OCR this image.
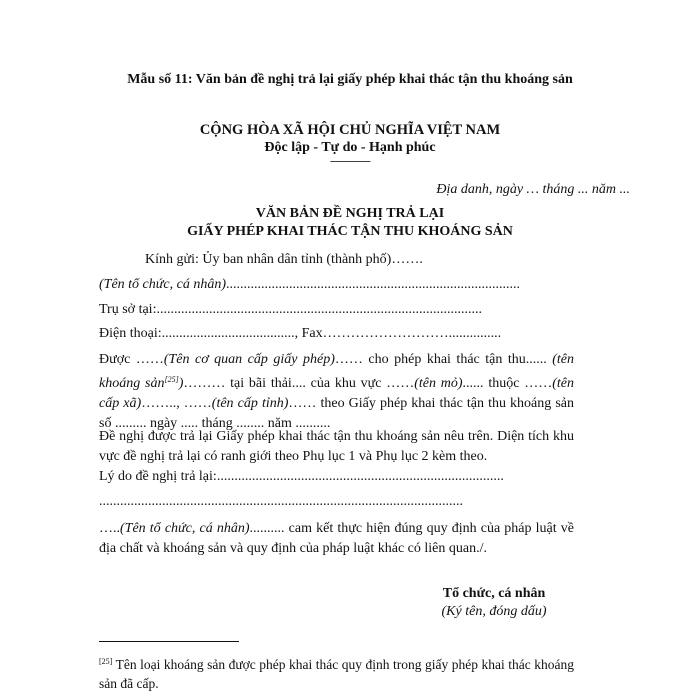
Mẫu số 11: Văn bản đề nghị trả lại giấy phép khai thác tận thu khoáng sản
CỘNG HÒA XÃ HỘI CHỦ NGHĨA VIỆT NAM
Độc lập - Tự do - Hạnh phúc
---------------
Địa danh, ngày … tháng ... năm ...
VĂN BẢN ĐỀ NGHỊ TRẢ LẠI
GIẤY PHÉP KHAI THÁC TẬN THU KHOÁNG SẢN
Kính gửi: Ủy ban nhân dân tỉnh (thành phố)…….
(Tên tổ chức, cá nhân)....................................................................................
Trụ sở tại:.............................................................................................
Điện thoại:......................................, Fax………………………...............
Được ……(Tên cơ quan cấp giấy phép)…… cho phép khai thác tận thu...... (tên khoáng sản[25])……… tại bãi thải.... của khu vực ……(tên mỏ)...... thuộc ……(tên cấp xã)…….., ……(tên cấp tỉnh)…… theo Giấy phép khai thác tận thu khoáng sản số ......... ngày ..... tháng ........ năm ..........
Đề nghị được trả lại Giấy phép khai thác tận thu khoáng sản nêu trên. Diện tích khu vực đề nghị trả lại có ranh giới theo Phụ lục 1 và Phụ lục 2 kèm theo.
Lý do đề nghị trả lại:..................................................................................
........................................................................................................
…..(Tên tổ chức, cá nhân).......... cam kết thực hiện đúng quy định của pháp luật về địa chất và khoáng sản và quy định của pháp luật khác có liên quan./.
Tổ chức, cá nhân
(Ký tên, đóng dấu)
[25] Tên loại khoáng sản được phép khai thác quy định trong giấy phép khai thác khoáng sản đã cấp.
